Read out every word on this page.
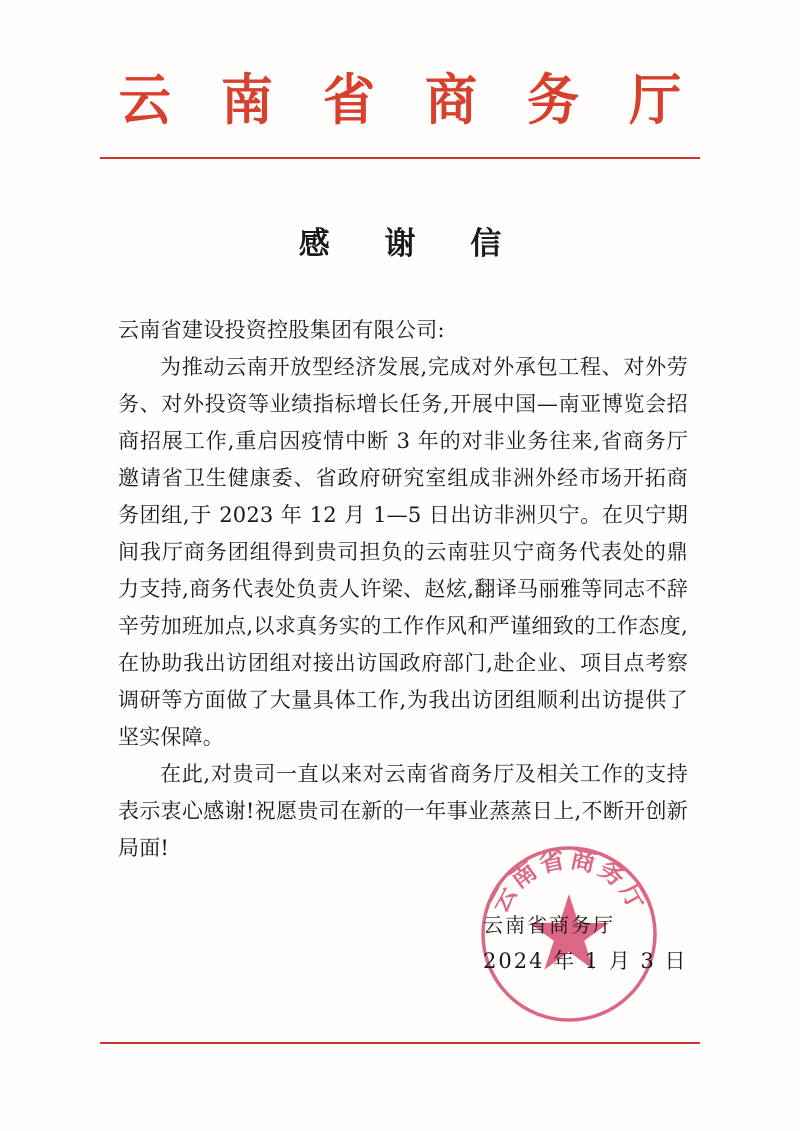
云 南 省 商 务 厅
感 谢 信
云南省建设投资控股集团有限公司:

为推动云南开放型经济发展,完成对外承包工程、对外劳务、对外投资等业绩指标增长任务,开展中国—南亚博览会招商招展工作,重启因疫情中断 3 年的对非业务往来,省商务厅邀请省卫生健康委、省政府研究室组成非洲外经市场开拓商务团组,于 2023 年 12 月 1—5 日出访非洲贝宁。在贝宁期间我厅商务团组得到贵司担负的云南驻贝宁商务代表处的鼎力支持,商务代表处负责人许梁、赵炫,翻译马丽雅等同志不辞辛劳加班加点,以求真务实的工作作风和严谨细致的工作态度,在协助我出访团组对接出访国政府部门,赴企业、项目点考察调研等方面做了大量具体工作,为我出访团组顺利出访提供了坚实保障。

在此,对贵司一直以来对云南省商务厅及相关工作的支持表示衷心感谢!祝愿贵司在新的一年事业蒸蒸日上,不断开创新局面!

云南省商务厅
云南省商务厅
2024 年 1 月 3 日
